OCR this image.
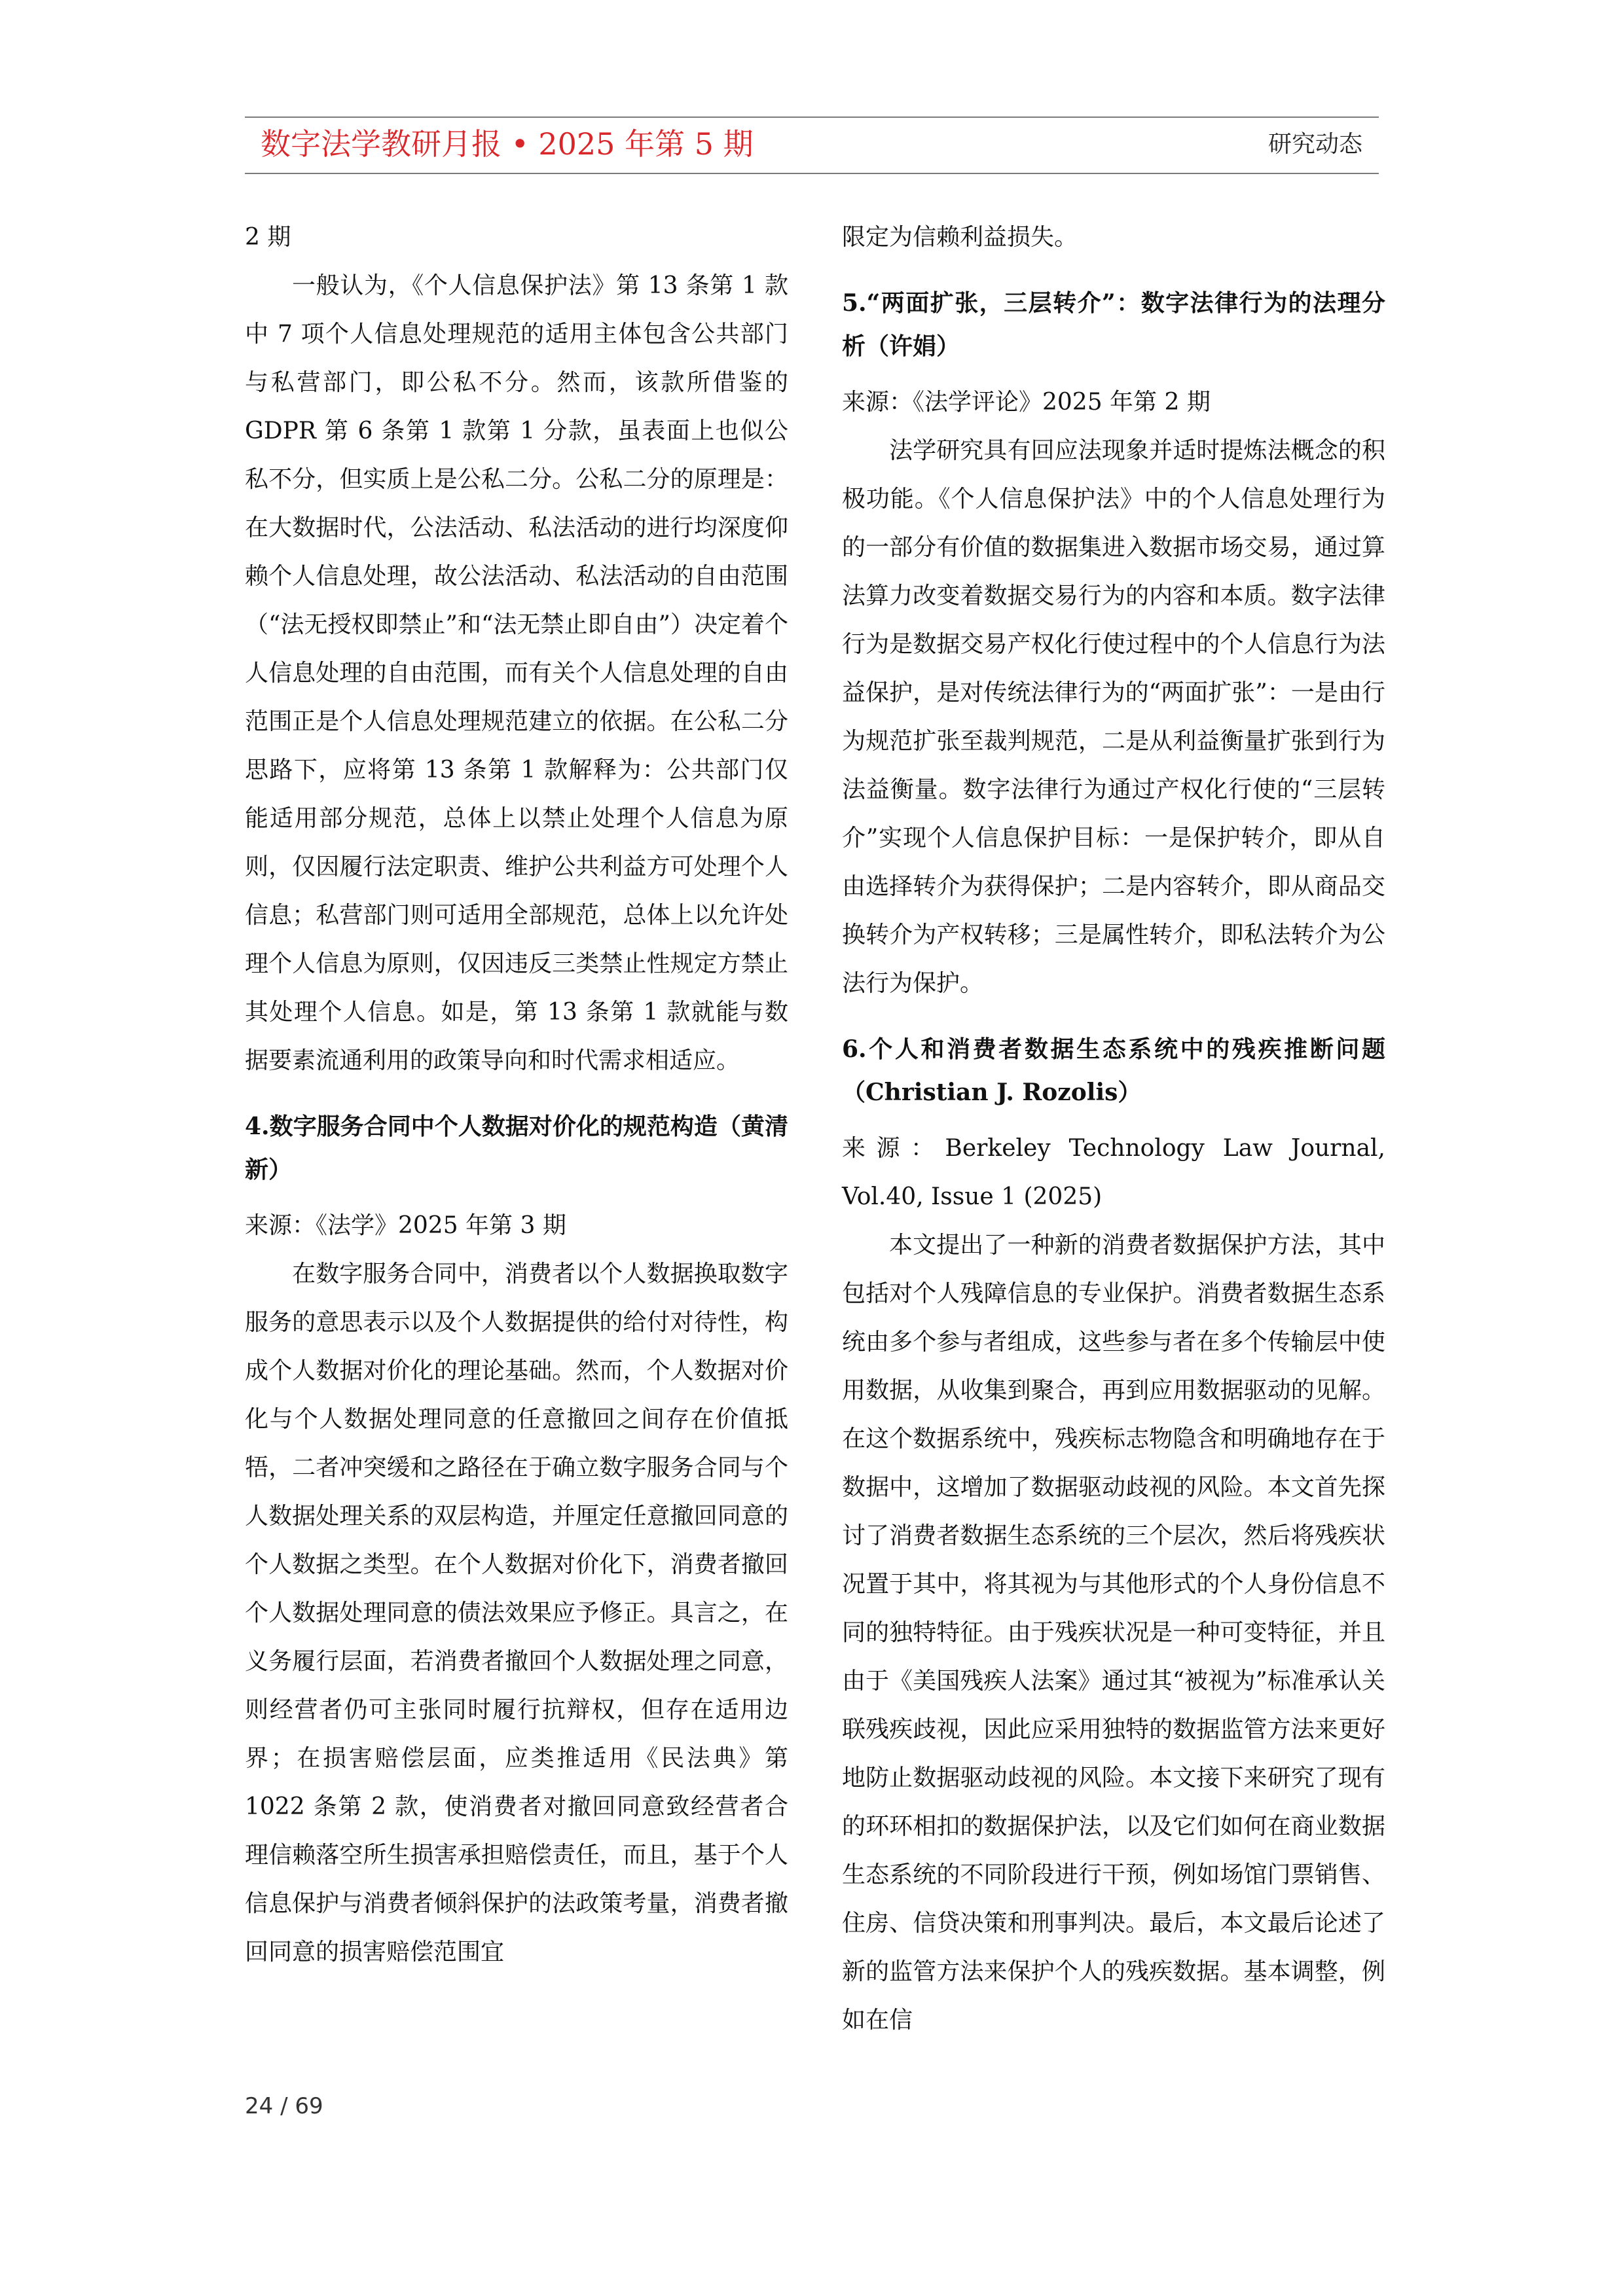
数字法学教研月报 • 2025 年第 5 期	研究动态

2 期

一般认为，《个人信息保护法》第 13 条第 1 款中 7 项个人信息处理规范的适用主体包含公共部门与私营部门，即公私不分。然而，该款所借鉴的 GDPR 第 6 条第 1 款第 1 分款，虽表面上也似公私不分，但实质上是公私二分。公私二分的原理是：在大数据时代，公法活动、私法活动的进行均深度仰赖个人信息处理，故公法活动、私法活动的自由范围（“法无授权即禁止”和“法无禁止即自由”）决定着个人信息处理的自由范围，而有关个人信息处理的自由范围正是个人信息处理规范建立的依据。在公私二分思路下，应将第 13 条第 1 款解释为：公共部门仅能适用部分规范，总体上以禁止处理个人信息为原则，仅因履行法定职责、维护公共利益方可处理个人信息；私营部门则可适用全部规范，总体上以允许处理个人信息为原则，仅因违反三类禁止性规定方禁止其处理个人信息。如是，第 13 条第 1 款就能与数据要素流通利用的政策导向和时代需求相适应。

4.数字服务合同中个人数据对价化的规范构造（黄清新）

来源：《法学》2025 年第 3 期

在数字服务合同中，消费者以个人数据换取数字服务的意思表示以及个人数据提供的给付对待性，构成个人数据对价化的理论基础。然而，个人数据对价化与个人数据处理同意的任意撤回之间存在价值抵牾，二者冲突缓和之路径在于确立数字服务合同与个人数据处理关系的双层构造，并厘定任意撤回同意的个人数据之类型。在个人数据对价化下，消费者撤回个人数据处理同意的债法效果应予修正。具言之，在义务履行层面，若消费者撤回个人数据处理之同意，则经营者仍可主张同时履行抗辩权，但存在适用边界；在损害赔偿层面，应类推适用《民法典》第 1022 条第 2 款，使消费者对撤回同意致经营者合理信赖落空所生损害承担赔偿责任，而且，基于个人信息保护与消费者倾斜保护的法政策考量，消费者撤回同意的损害赔偿范围宜

限定为信赖利益损失。

5.“两面扩张，三层转介”：数字法律行为的法理分析（许娟）

来源：《法学评论》2025 年第 2 期

法学研究具有回应法现象并适时提炼法概念的积极功能。《个人信息保护法》中的个人信息处理行为的一部分有价值的数据集进入数据市场交易，通过算法算力改变着数据交易行为的内容和本质。数字法律行为是数据交易产权化行使过程中的个人信息行为法益保护，是对传统法律行为的“两面扩张”：一是由行为规范扩张至裁判规范，二是从利益衡量扩张到行为法益衡量。数字法律行为通过产权化行使的“三层转介”实现个人信息保护目标：一是保护转介，即从自由选择转介为获得保护；二是内容转介，即从商品交换转介为产权转移；三是属性转介，即私法转介为公法行为保护。

6.个人和消费者数据生态系统中的残疾推断问题（Christian J. Rozolis）

来源：Berkeley Technology Law Journal, Vol.40, Issue 1 (2025)

本文提出了一种新的消费者数据保护方法，其中包括对个人残障信息的专业保护。消费者数据生态系统由多个参与者组成，这些参与者在多个传输层中使用数据，从收集到聚合，再到应用数据驱动的见解。在这个数据系统中，残疾标志物隐含和明确地存在于数据中，这增加了数据驱动歧视的风险。本文首先探讨了消费者数据生态系统的三个层次，然后将残疾状况置于其中，将其视为与其他形式的个人身份信息不同的独特特征。由于残疾状况是一种可变特征，并且由于《美国残疾人法案》通过其“被视为”标准承认关联残疾歧视，因此应采用独特的数据监管方法来更好地防止数据驱动歧视的风险。本文接下来研究了现有的环环相扣的数据保护法，以及它们如何在商业数据生态系统的不同阶段进行干预，例如场馆门票销售、住房、信贷决策和刑事判决。最后，本文最后论述了新的监管方法来保护个人的残疾数据。基本调整，例如在信

24 / 69
